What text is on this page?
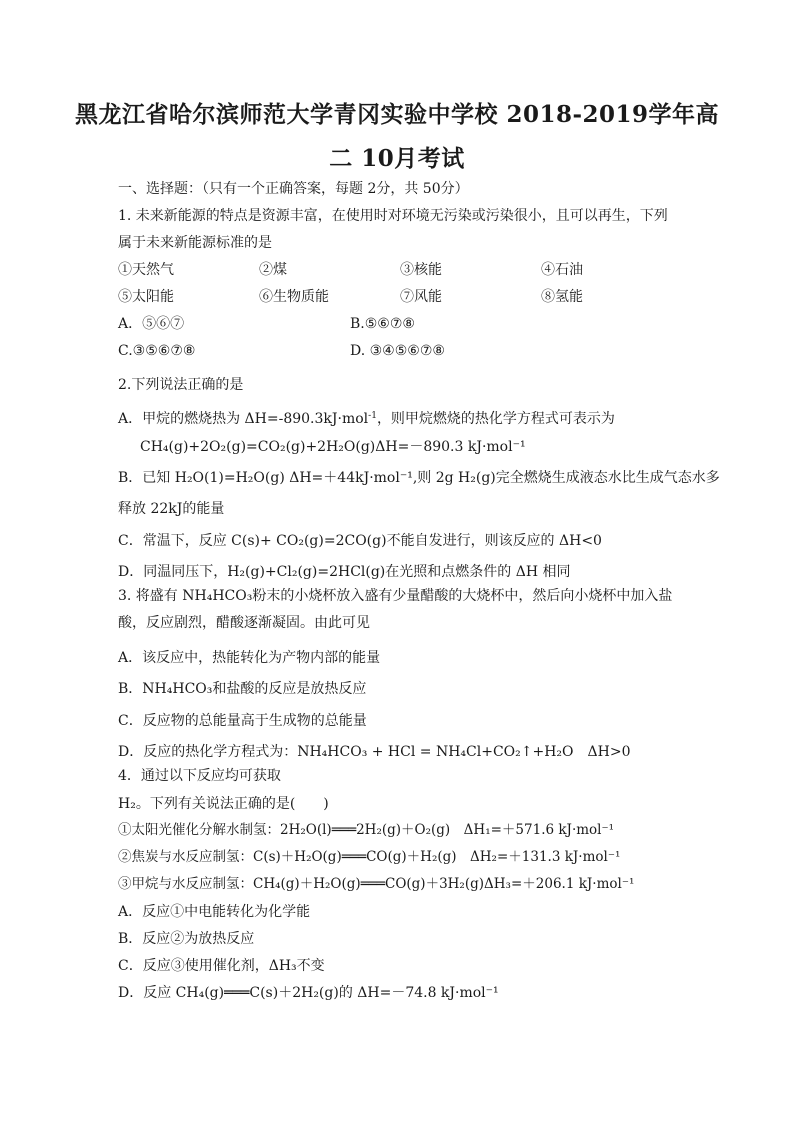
黑龙江省哈尔滨师范大学青冈实验中学校 2018-2019学年高
二 10月考试
一、选择题：（只有一个正确答案，每题 2分，共 50分）
1. 未来新能源的特点是资源丰富，在使用时对环境无污染或污染很小，且可以再生，下列
属于未来新能源标准的是
①天然气	②煤	③核能	④石油
⑤太阳能	⑥生物质能	⑦风能	⑧氢能
A．⑤⑥⑦	B.⑤⑥⑦⑧
C.③⑤⑥⑦⑧	D. ③④⑤⑥⑦⑧
2.下列说法正确的是
A．甲烷的燃烧热为 ΔH=-890.3kJ·mol$^{-1}$，则甲烷燃烧的热化学方程式可表示为
CH₄(g)+2O₂(g)=CO₂(g)+2H₂O(g)ΔH=－890.3 kJ·mol⁻¹
B．已知 H₂O(1)=H₂O(g) ΔH=＋44kJ·mol⁻¹,则 2g H₂(g)完全燃烧生成液态水比生成气态水多
释放 22kJ的能量
C．常温下，反应 C(s)+ CO₂(g)=2CO(g)不能自发进行，则该反应的 ΔH<0
D．同温同压下，H₂(g)+Cl₂(g)=2HCl(g)在光照和点燃条件的 ΔH 相同
3. 将盛有 NH₄HCO₃粉末的小烧杯放入盛有少量醋酸的大烧杯中，然后向小烧杯中加入盐
酸，反应剧烈，醋酸逐渐凝固。由此可见
A．该反应中，热能转化为产物内部的能量
B．NH₄HCO₃和盐酸的反应是放热反应
C．反应物的总能量高于生成物的总能量
D．反应的热化学方程式为：NH₄HCO₃ + HCl = NH₄Cl+CO₂↑+H₂O　ΔH>0
4．通过以下反应均可获取
H₂。下列有关说法正确的是(　　)
①太阳光催化分解水制氢：2H₂O(l)═══2H₂(g)＋O₂(g)　ΔH₁=＋571.6 kJ·mol⁻¹
②焦炭与水反应制氢：C(s)＋H₂O(g)═══CO(g)＋H₂(g)　ΔH₂=＋131.3 kJ·mol⁻¹
③甲烷与水反应制氢：CH₄(g)＋H₂O(g)═══CO(g)＋3H₂(g)ΔH₃=＋206.1 kJ·mol⁻¹
A．反应①中电能转化为化学能
B．反应②为放热反应
C．反应③使用催化剂，ΔH₃不变
D．反应 CH₄(g)═══C(s)＋2H₂(g)的 ΔH=－74.8 kJ·mol⁻¹
